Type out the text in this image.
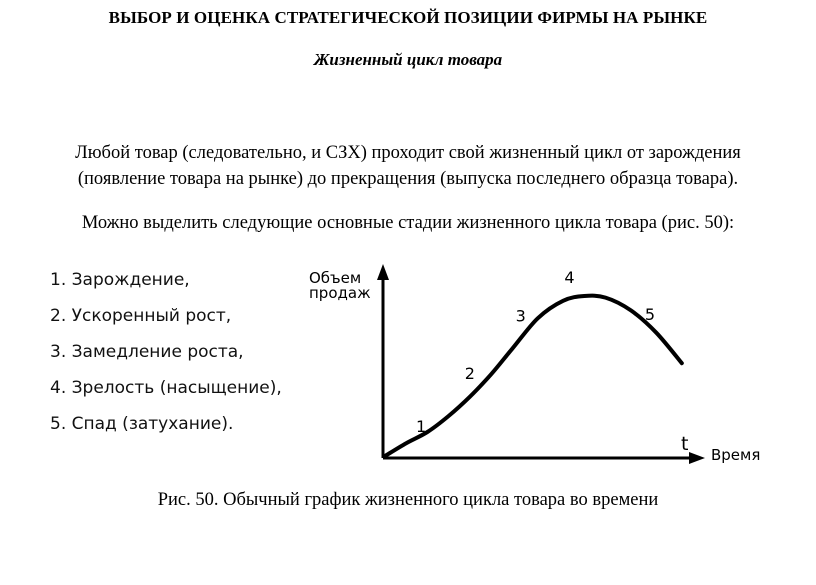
ВЫБОР И ОЦЕНКА СТРАТЕГИЧЕСКОЙ ПОЗИЦИИ ФИРМЫ НА РЫНКЕ
Жизненный цикл товара
Любой товар (следовательно, и СЗХ) проходит свой жизненный цикл от зарождения
(появление товара на рынке) до прекращения (выпуска последнего образца товара).
Можно выделить следующие основные стадии жизненного цикла товара (рис. 50):
1. Зарождение,
2. Ускоренный рост,
3. Замедление роста,
4. Зрелость (насыщение),
5. Спад (затухание).
Объем
продаж
t Время
1
2
3
4
5
Рис. 50. Обычный график жизненного цикла товара во времени
